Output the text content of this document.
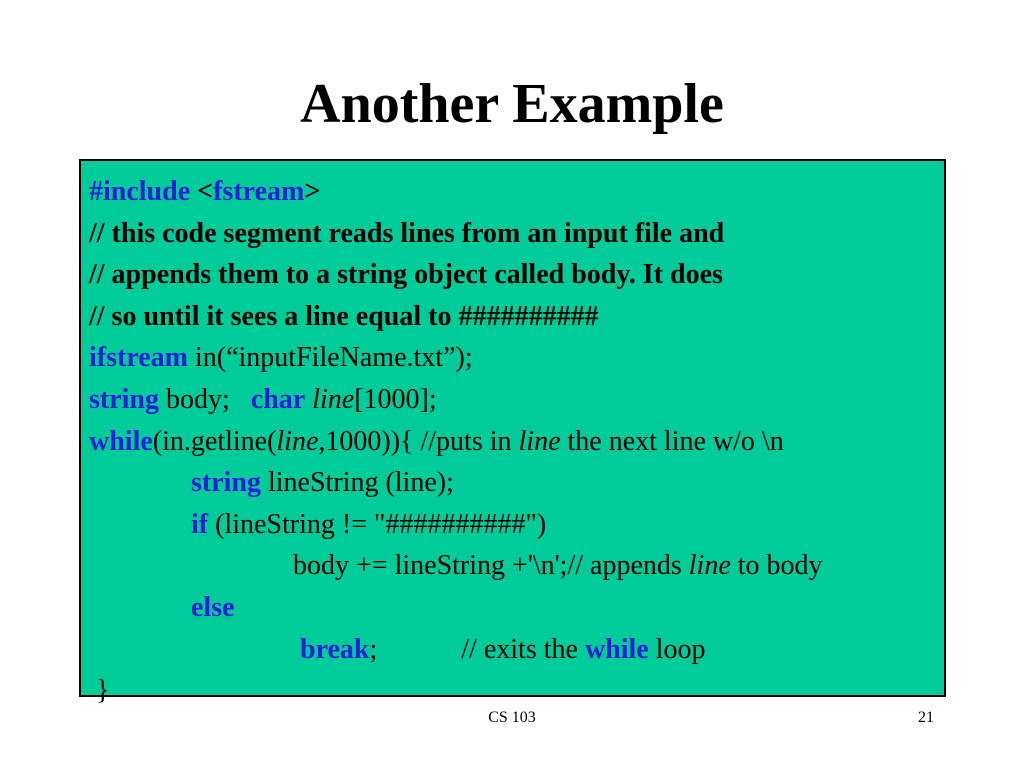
Another Example
#include <fstream>
// this code segment reads lines from an input file and
// appends them to a string object called body. It does
// so until it sees a line equal to ##########
ifstream in(“inputFileName.txt”);
string body;   char line[1000];
while(in.getline(line,1000)){ //puts in line the next line w/o \n
string lineString (line);
if (lineString != "##########")
body += lineString +'\n';// appends line to body
else
break;            // exits the while loop
}
CS 103	21
